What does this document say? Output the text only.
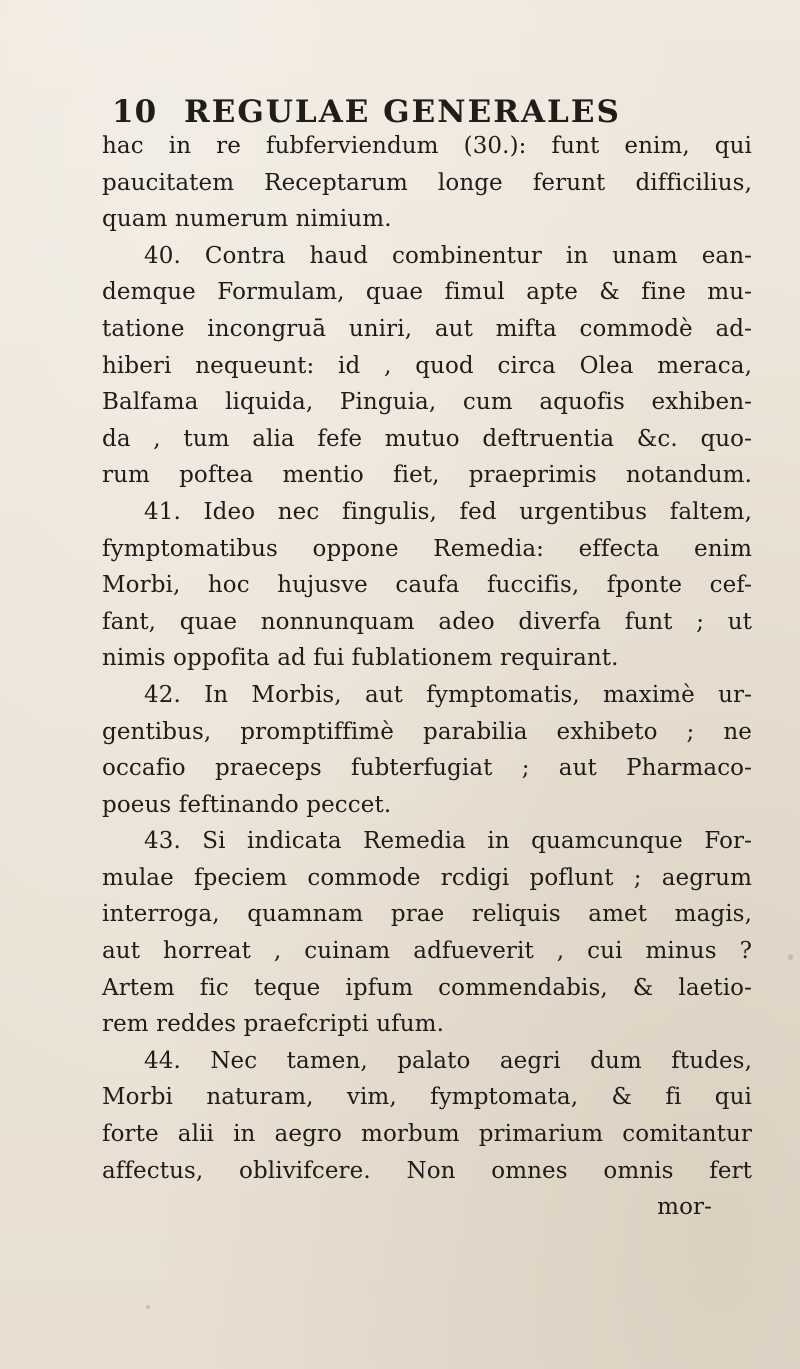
10 REGULAE GENERALES
hac in re fubferviendum (30.): funt enim, qui
paucitatem Receptarum longe ferunt difficilius,
quam numerum nimium.
40. Contra haud combinentur in unam ean-
demque Formulam, quae fimul apte & fine mu-
tatione incongruā uniri, aut mifta commodè ad-
hiberi nequeunt: id , quod circa Olea meraca,
Balfama liquida, Pinguia, cum aquofis exhiben-
da , tum alia fefe mutuo deftruentia &c. quo-
rum poftea mentio fiet, praeprimis notandum.
41. Ideo nec fingulis, fed urgentibus faltem,
fymptomatibus oppone Remedia: effecta enim
Morbi, hoc hujusve caufa fuccifis, fponte cef-
fant, quae nonnunquam adeo diverfa funt ; ut
nimis oppofita ad fui fublationem requirant.
42. In Morbis, aut fymptomatis, maximè ur-
gentibus, promptiffimè parabilia exhibeto ; ne
occafio praeceps fubterfugiat ; aut Pharmaco-
poeus feftinando peccet.
43. Si indicata Remedia in quamcunque For-
mulae fpeciem commode rcdigi poflunt ; aegrum
interroga, quamnam prae reliquis amet magis,
aut horreat , cuinam adfueverit , cui minus ?
Artem fic teque ipfum commendabis, & laetio-
rem reddes praefcripti ufum.
44. Nec tamen, palato aegri dum ftudes,
Morbi naturam, vim, fymptomata, & fi qui
forte alii in aegro morbum primarium comitantur
affectus, oblivifcere. Non omnes omnis fert
mor-
